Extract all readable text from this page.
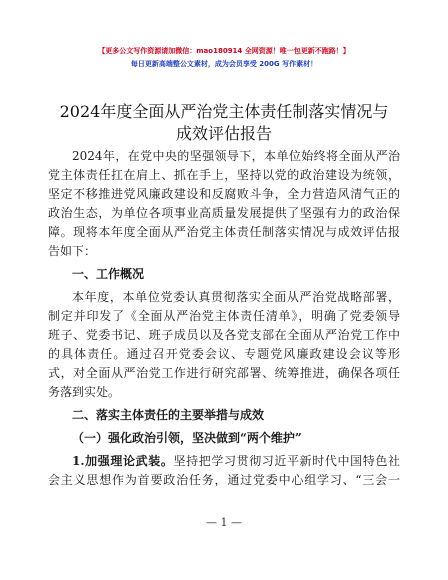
【更多公文写作资源请加微信：mao180914 全网资源！唯一包更新不跑路！】
每日更新高端整公文素材，成为会员享受 200G 写作素材！
2024年度全面从严治党主体责任制落实情况与
成效评估报告
2024年，在党中央的坚强领导下，本单位始终将全面从严治
党主体责任扛在肩上、抓在手上，坚持以党的政治建设为统领，
坚定不移推进党风廉政建设和反腐败斗争，全力营造风清气正的
政治生态，为单位各项事业高质量发展提供了坚强有力的政治保
障。现将本年度全面从严治党主体责任制落实情况与成效评估报
告如下：
一、工作概况
本年度，本单位党委认真贯彻落实全面从严治党战略部署，
制定并印发了《全面从严治党主体责任清单》，明确了党委领导
班子、党委书记、班子成员以及各党支部在全面从严治党工作中
的具体责任。通过召开党委会议、专题党风廉政建设会议等形
式，对全面从严治党工作进行研究部署、统筹推进，确保各项任
务落到实处。
二、落实主体责任的主要举措与成效
（一）强化政治引领，坚决做到“两个维护”
1.加强理论武装。坚持把学习贯彻习近平新时代中国特色社
会主义思想作为首要政治任务，通过党委中心组学习、“三会一
— 1 —
